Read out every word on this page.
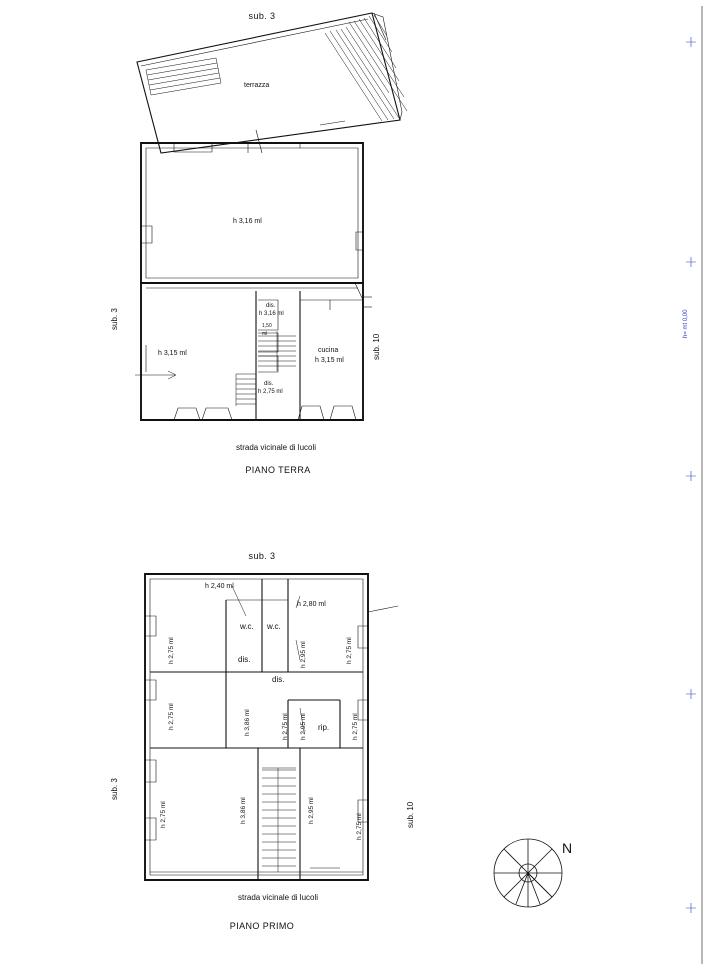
sub. 3
terrazza
h 3,16 ml
h 3,15 ml	cucina
h 3,15 ml
dis.
h 3,16 ml
1,50
ml
dis.
h 2,75 ml
sub. 3
sub. 10
strada vicinale di lucoli
PIANO TERRA
sub. 3
h 2,40 ml
h 2,80 ml
w.c. w.c.
dis.
dis.
rip.
h 2,75 ml	h 2,95 ml	h 2,75 ml
h 2,75 ml	h 3,86 ml	h 2,75 ml h 2,95 ml	h 2,75 ml
h 2,75 ml	h 3,86 ml	h 2,95 ml
h 2,75 ml
sub. 3
sub. 10
strada vicinale di lucoli
PIANO PRIMO
N
h= mt 0,00
